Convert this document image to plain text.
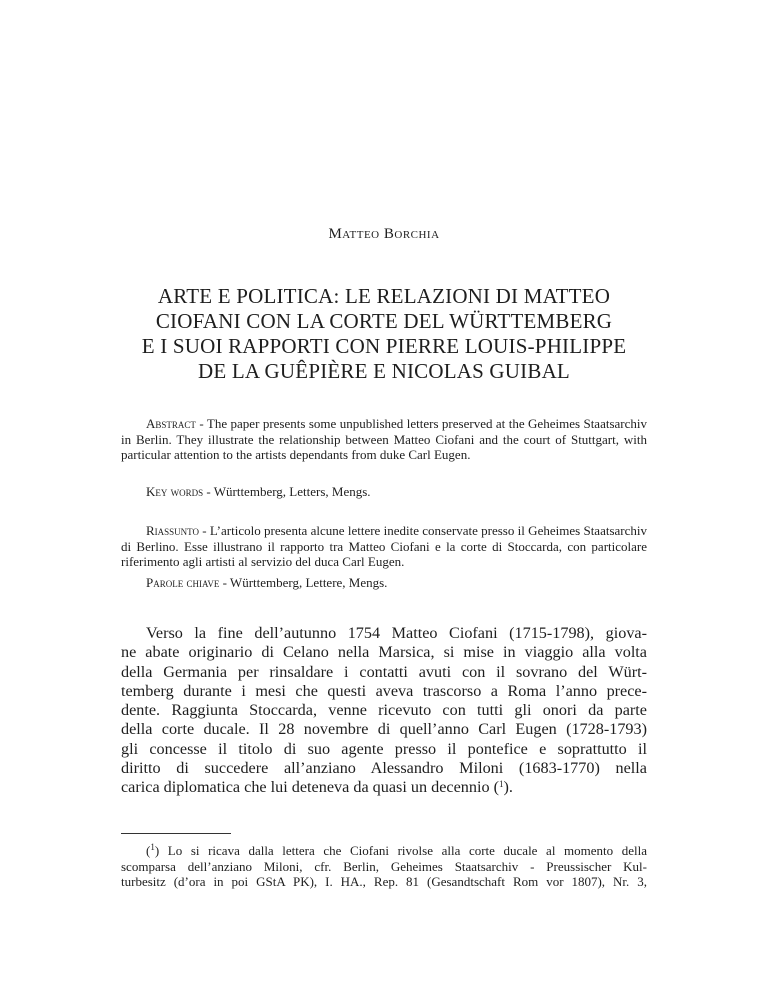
Matteo Borchia
ARTE E POLITICA: LE RELAZIONI DI MATTEO
CIOFANI CON LA CORTE DEL WÜRTTEMBERG
E I SUOI RAPPORTI CON PIERRE LOUIS-PHILIPPE
DE LA GUÊPIÈRE E NICOLAS GUIBAL

Abstract - The paper presents some unpublished letters preserved at the Geheimes Staatsarchiv in Berlin. They illustrate the relationship between Matteo Ciofani and the court of Stuttgart, with particular attention to the artists dependants from duke Carl Eugen.

Key words - Württemberg, Letters, Mengs.

Riassunto - L’articolo presenta alcune lettere inedite conservate presso il Geheimes Staatsarchiv di Berlino. Esse illustrano il rapporto tra Matteo Ciofani e la corte di Stoccarda, con particolare riferimento agli artisti al servizio del duca Carl Eugen.

Parole chiave - Württemberg, Lettere, Mengs.

Verso la fine dell’autunno 1754 Matteo Ciofani (1715-1798), giova-
ne abate originario di Celano nella Marsica, si mise in viaggio alla volta
della Germania per rinsaldare i contatti avuti con il sovrano del Würt-
temberg durante i mesi che questi aveva trascorso a Roma l’anno prece-
dente. Raggiunta Stoccarda, venne ricevuto con tutti gli onori da parte
della corte ducale. Il 28 novembre di quell’anno Carl Eugen (1728-1793)
gli concesse il titolo di suo agente presso il pontefice e soprattutto il
diritto di succedere all’anziano Alessandro Miloni (1683-1770) nella
carica diplomatica che lui deteneva da quasi un decennio ($^1$).
($^1$) Lo si ricava dalla lettera che Ciofani rivolse alla corte ducale al momento della
scomparsa dell’anziano Miloni, cfr. Berlin, Geheimes Staatsarchiv - Preussischer Kul-
turbesitz (d’ora in poi GStA PK), I. HA., Rep. 81 (Gesandtschaft Rom vor 1807), Nr. 3,
